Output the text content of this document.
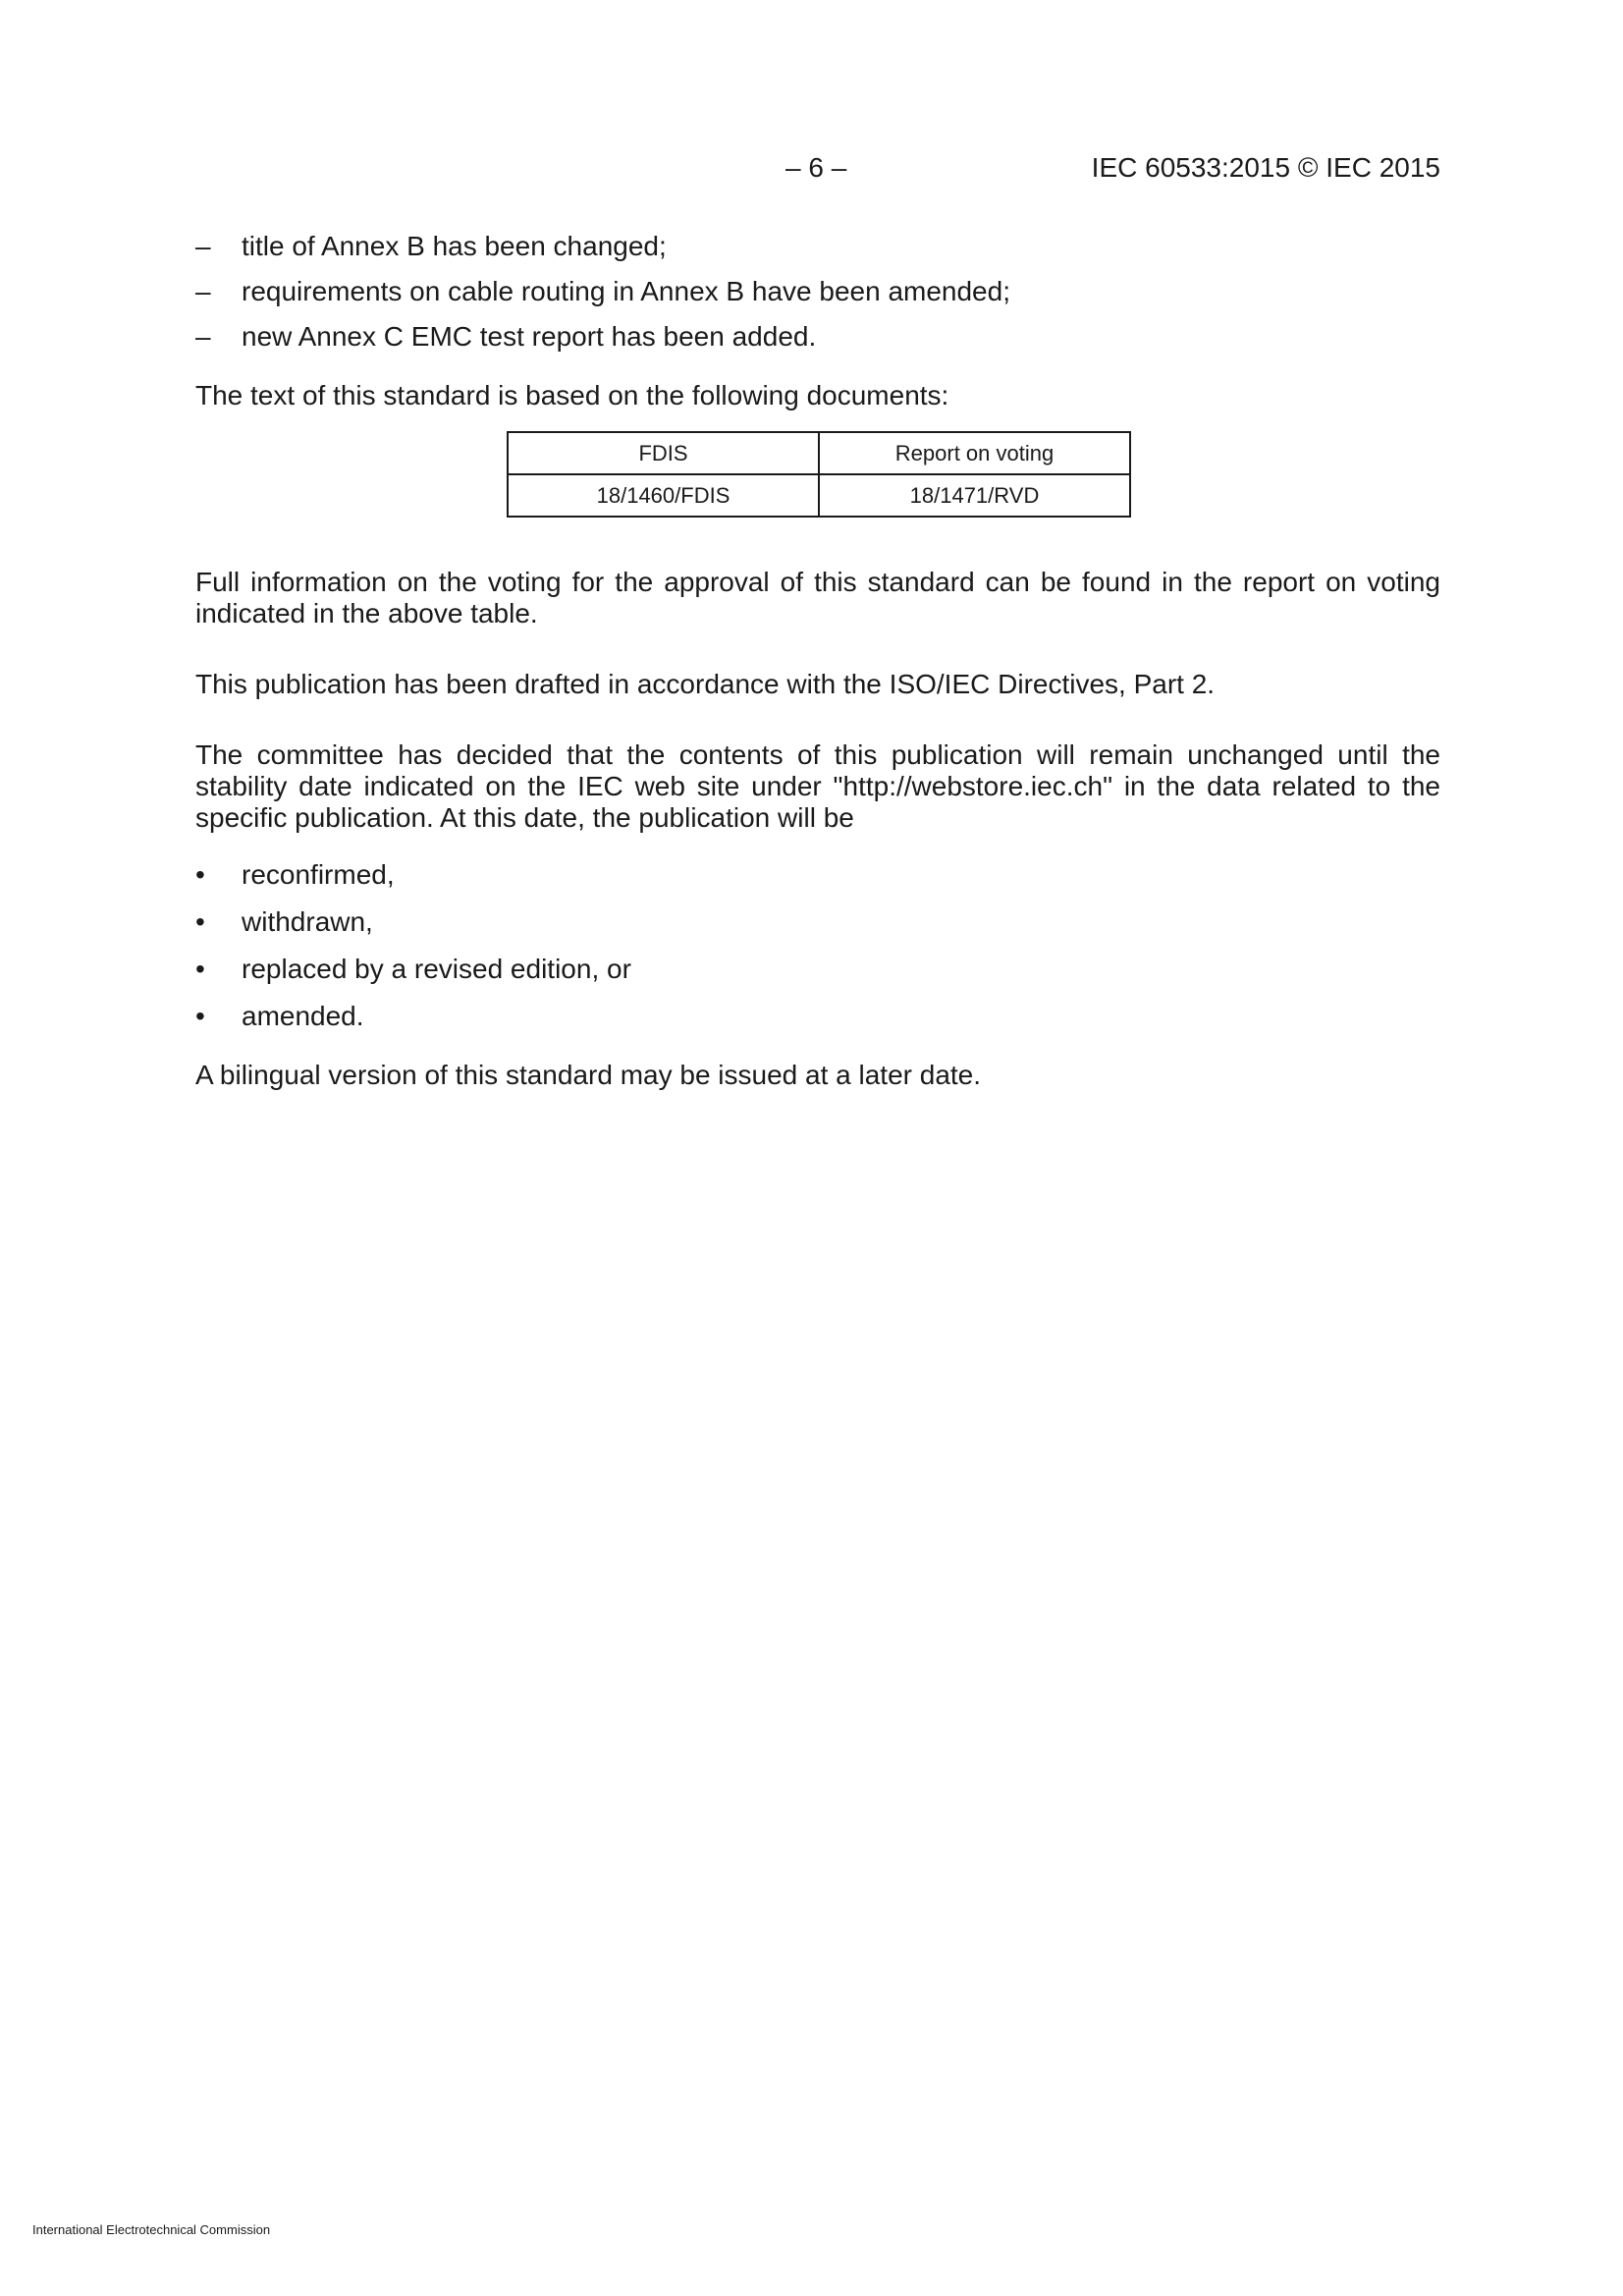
– 6 –	IEC 60533:2015 © IEC 2015
– title of Annex B has been changed;
– requirements on cable routing in Annex B have been amended;
– new Annex C EMC test report has been added.

The text of this standard is based on the following documents:

FDIS	Report on voting
18/1460/FDIS	18/1471/RVD

Full information on the voting for the approval of this standard can be found in the report on voting indicated in the above table.

This publication has been drafted in accordance with the ISO/IEC Directives, Part 2.

The committee has decided that the contents of this publication will remain unchanged until the stability date indicated on the IEC web site under "http://webstore.iec.ch" in the data related to the specific publication. At this date, the publication will be

• reconfirmed,
• withdrawn,
• replaced by a revised edition, or
• amended.

A bilingual version of this standard may be issued at a later date.

International Electrotechnical Commission
